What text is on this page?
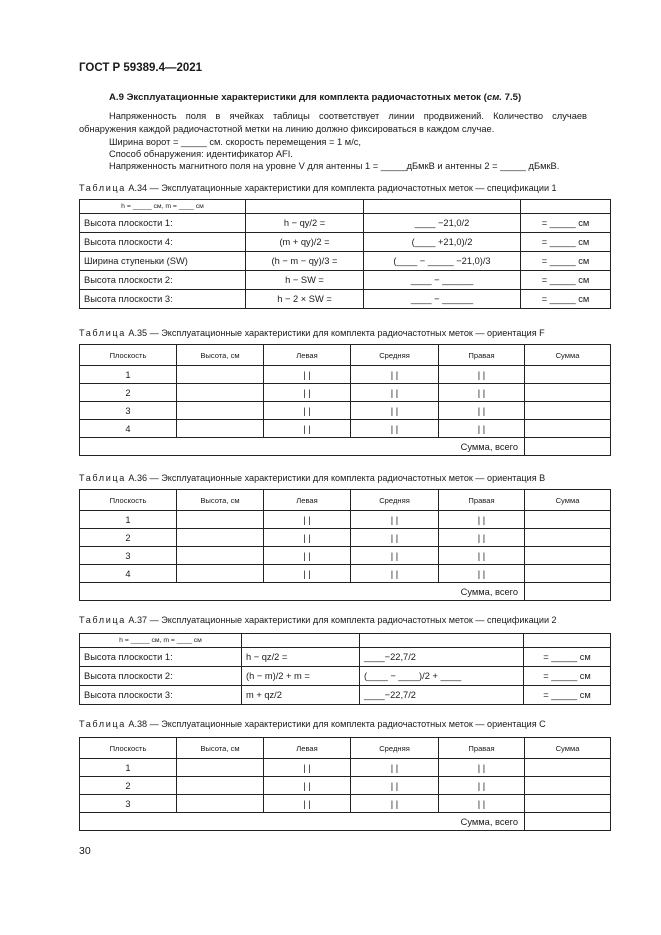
ГОСТ Р 59389.4—2021
А.9 Эксплуатационные характеристики для комплекта радиочастотных меток (см. 7.5)
Напряженность поля в ячейках таблицы соответствует линии продвижений. Количество случаев обнаружения каждой радиочастотной метки на линию должно фиксироваться в каждом случае.
Ширина ворот = _____ см. скорость перемещения = 1 м/с,
Способ обнаружения: идентификатор AFI.
Напряженность магнитного поля на уровне V для антенны 1 = _____дБмкВ и антенны 2 = _____ дБмкВ.
Таблица А.34 — Эксплуатационные характеристики для комплекта радиочастотных меток — спецификации 1
h = _____ см, m = ____ см			
Высота плоскости 1:	h − qy/2 =	____ −21,0/2	= _____ см
Высота плоскости 4:	(m + qy)/2 =	(____ +21,0)/2	= _____ см
Ширина ступеньки (SW)	(h − m − qy)/3 =	(____ − _____ −21,0)/3	= _____ см
Высота плоскости 2:	h − SW =	____ − ______	= _____ см
Высота плоскости 3:	h − 2 × SW =	____ − ______	= _____ см
Таблица А.35 — Эксплуатационные характеристики для комплекта радиочастотных меток — ориентация F
Плоскость	Высота, см	Левая	Средняя	Правая	Сумма
1		| |	| |	| |	
2		| |	| |	| |	
3		| |	| |	| |	
4		| |	| |	| |	
Сумма, всего					
Таблица А.36 — Эксплуатационные характеристики для комплекта радиочастотных меток — ориентация B
Плоскость	Высота, см	Левая	Средняя	Правая	Сумма
1		| |	| |	| |	
2		| |	| |	| |	
3		| |	| |	| |	
4		| |	| |	| |	
Сумма, всего					
Таблица А.37 — Эксплуатационные характеристики для комплекта радиочастотных меток — спецификации 2
h = _____ см, m = ____ см			
Высота плоскости 1:	h − qz/2 =	____−22,7/2	= _____ см
Высота плоскости 2:	(h − m)/2 + m =	(____ − ____)/2 + ____	= _____ см
Высота плоскости 3:	m + qz/2	____−22,7/2	= _____ см
Таблица А.38 — Эксплуатационные характеристики для комплекта радиочастотных меток — ориентация C
Плоскость	Высота, см	Левая	Средняя	Правая	Сумма
1		| |	| |	| |	
2		| |	| |	| |	
3		| |	| |	| |	
Сумма, всего					
30
